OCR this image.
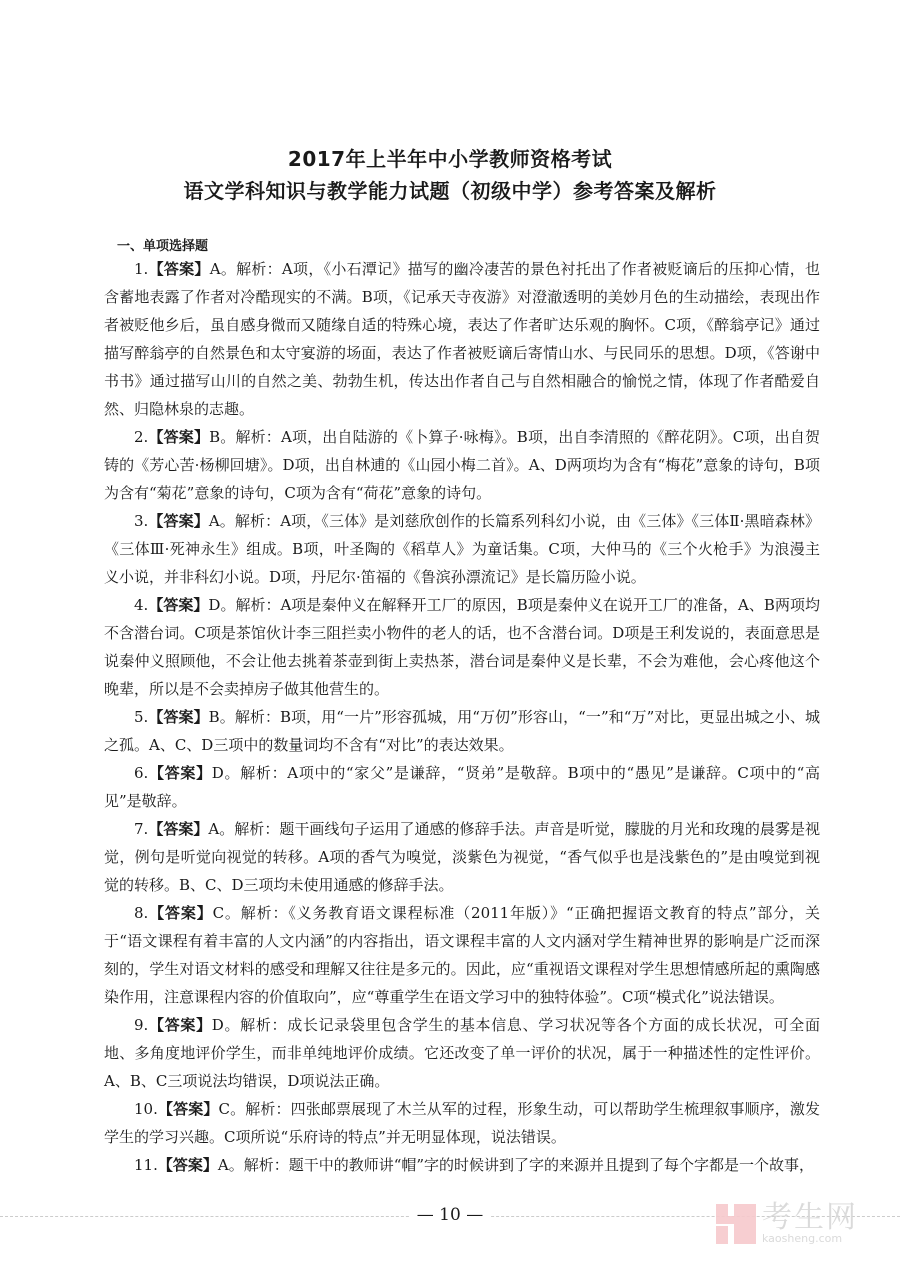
2017年上半年中小学教师资格考试
语文学科知识与教学能力试题（初级中学）参考答案及解析
一、单项选择题

1.【答案】A。解析：A项，《小石潭记》描写的幽冷凄苦的景色衬托出了作者被贬谪后的压抑心情，也含蓄地表露了作者对冷酷现实的不满。B项，《记承天寺夜游》对澄澈透明的美妙月色的生动描绘，表现出作者被贬他乡后，虽自感身微而又随缘自适的特殊心境，表达了作者旷达乐观的胸怀。C项，《醉翁亭记》通过描写醉翁亭的自然景色和太守宴游的场面，表达了作者被贬谪后寄情山水、与民同乐的思想。D项，《答谢中书书》通过描写山川的自然之美、勃勃生机，传达出作者自己与自然相融合的愉悦之情，体现了作者酷爱自然、归隐林泉的志趣。

2.【答案】B。解析：A项，出自陆游的《卜算子·咏梅》。B项，出自李清照的《醉花阴》。C项，出自贺铸的《芳心苦·杨柳回塘》。D项，出自林逋的《山园小梅二首》。A、D两项均为含有“梅花”意象的诗句，B项为含有“菊花”意象的诗句，C项为含有“荷花”意象的诗句。

3.【答案】A。解析：A项，《三体》是刘慈欣创作的长篇系列科幻小说，由《三体》《三体Ⅱ·黑暗森林》《三体Ⅲ·死神永生》组成。B项，叶圣陶的《稻草人》为童话集。C项，大仲马的《三个火枪手》为浪漫主义小说，并非科幻小说。D项，丹尼尔·笛福的《鲁滨孙漂流记》是长篇历险小说。

4.【答案】D。解析：A项是秦仲义在解释开工厂的原因，B项是秦仲义在说开工厂的准备，A、B两项均不含潜台词。C项是茶馆伙计李三阻拦卖小物件的老人的话，也不含潜台词。D项是王利发说的，表面意思是说秦仲义照顾他，不会让他去挑着茶壶到街上卖热茶，潜台词是秦仲义是长辈，不会为难他，会心疼他这个晚辈，所以是不会卖掉房子做其他营生的。

5.【答案】B。解析：B项，用“一片”形容孤城，用“万仞”形容山，“一”和“万”对比，更显出城之小、城之孤。A、C、D三项中的数量词均不含有“对比”的表达效果。

6.【答案】D。解析：A项中的“家父”是谦辞，“贤弟”是敬辞。B项中的“愚见”是谦辞。C项中的“高见”是敬辞。

7.【答案】A。解析：题干画线句子运用了通感的修辞手法。声音是听觉，朦胧的月光和玫瑰的晨雾是视觉，例句是听觉向视觉的转移。A项的香气为嗅觉，淡紫色为视觉，“香气似乎也是浅紫色的”是由嗅觉到视觉的转移。B、C、D三项均未使用通感的修辞手法。

8.【答案】C。解析：《义务教育语文课程标准（2011年版）》“正确把握语文教育的特点”部分，关于“语文课程有着丰富的人文内涵”的内容指出，语文课程丰富的人文内涵对学生精神世界的影响是广泛而深刻的，学生对语文材料的感受和理解又往往是多元的。因此，应“重视语文课程对学生思想情感所起的熏陶感染作用，注意课程内容的价值取向”，应“尊重学生在语文学习中的独特体验”。C项“模式化”说法错误。

9.【答案】D。解析：成长记录袋里包含学生的基本信息、学习状况等各个方面的成长状况，可全面地、多角度地评价学生，而非单纯地评价成绩。它还改变了单一评价的状况，属于一种描述性的定性评价。A、B、C三项说法均错误，D项说法正确。

10.【答案】C。解析：四张邮票展现了木兰从军的过程，形象生动，可以帮助学生梳理叙事顺序，激发学生的学习兴趣。C项所说“乐府诗的特点”并无明显体现，说法错误。

11.【答案】A。解析：题干中的教师讲“帽”字的时候讲到了字的来源并且提到了每个字都是一个故事，

— 10 —	考生网
kaosheng.com
